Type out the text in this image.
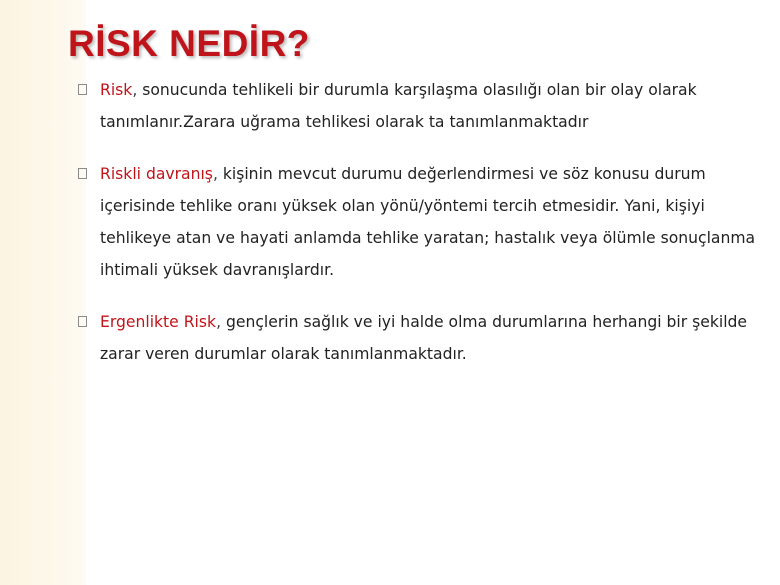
RİSK NEDİR?
Risk, sonucunda tehlikeli bir durumla karşılaşma olasılığı olan bir olay olarak tanımlanır.Zarara uğrama tehlikesi olarak ta tanımlanmaktadır
Riskli davranış, kişinin mevcut durumu değerlendirmesi ve söz konusu durum içerisinde tehlike oranı yüksek olan yönü/yöntemi tercih etmesidir. Yani, kişiyi tehlikeye atan ve hayati anlamda tehlike yaratan; hastalık veya ölümle sonuçlanma ihtimali yüksek davranışlardır.
Ergenlikte Risk, gençlerin sağlık ve iyi halde olma durumlarına herhangi bir şekilde zarar veren durumlar olarak tanımlanmaktadır.
